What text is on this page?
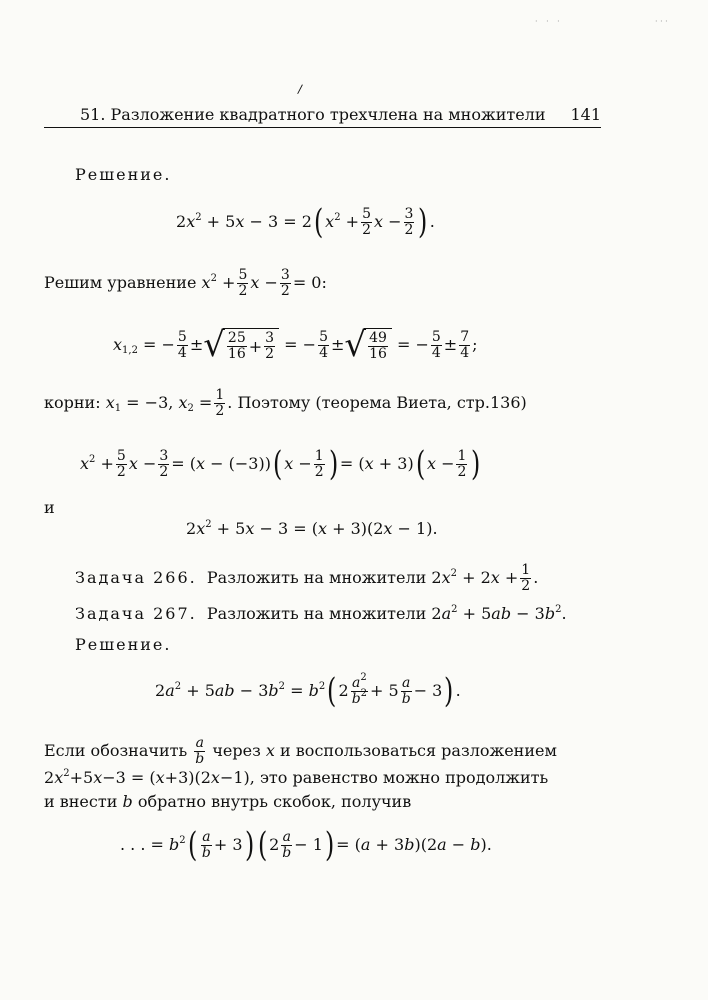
· · ·	· · ·
/
51. Разложение квадратного трехчлена на множители 141
Решение.
$2x^2 + 5x - 3 = 2$ ( $x^2 + \frac{5}{2}$ $x - \frac{3}{2}$ ) .
Решим уравнение $x^2 + \frac{5}{2}$ $x - \frac{3}{2} = 0$:
$x_{1,2}$ = − $\frac{5}{4}$ ± √ $\frac{25}{16} + \frac{3}{2}$ = − $\frac{5}{4}$ ± √ $\frac{49}{16}$ = − $\frac{5}{4} \pm \frac{7}{4}$ ;
корни: $x_1 = -3$, $x_2 = \frac{1}{2}$ . Поэтому (теорема Виета, стр.136)
$x^2 + \frac{5}{2}$ $x - \frac{3}{2} = (x - (-3))$ ( $x - \frac{1}{2}$ ) = (x + 3) ( $x - \frac{1}{2}$ )
и
$2x^2 + 5x - 3 = (x + 3)(2x - 1)$.
Задача 266.
Разложить на множители $2x^2 + 2x + \frac{1}{2}$ .
Задача 267. Разложить на множители $2a^2 + 5ab - 3b^2$.
Решение.
$2a^2 + 5ab - 3b^2 = b^2$ ( $2 \frac{a^2}{b^2} + 5 \frac{a}{b} - 3$ ) .
Если обозначить
$\frac{a}{b}$
через x и воспользоваться разложением
$2x^2+5x-3 = (x+3)(2x-1)$, это равенство можно продолжить
и внести b обратно внутрь скобок, получив
. . . = $b^2$ ( $\frac{a}{b} + 3$ ) ( $2 \frac{a}{b} - 1$ ) = (a + 3b)(2a − b).
